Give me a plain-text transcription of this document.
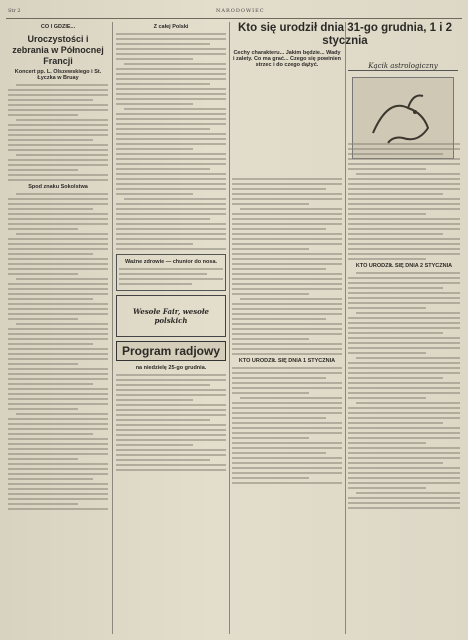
Str 2	NARODOWIEC
CO I GDZIE...
Uroczystości i zebrania w Północnej Francji
Koncert pp. L. Olszewskiego i St. Łyczka w Bruay
Spod znaku Sokolstwa
Z całej Polski
Ważne zdrowie — chunior do nosa.
Wesołe Fair, wesołe polskich
Program radjowy
na niedzielę 25-go grudnia.
Kto się urodził dnia 31-go grudnia, 1 i 2 stycznia
Cechy charakteru... Jakim będzie... Wady i zalety. Co ma grać... Czego się powinien strzec i do czego dążyć.	Kącik astrologiczny
KTO URODZIŁ SIĘ DNIA 1 STYCZNIA
KTO URODZIŁ SIĘ DNIA 2 STYCZNIA
